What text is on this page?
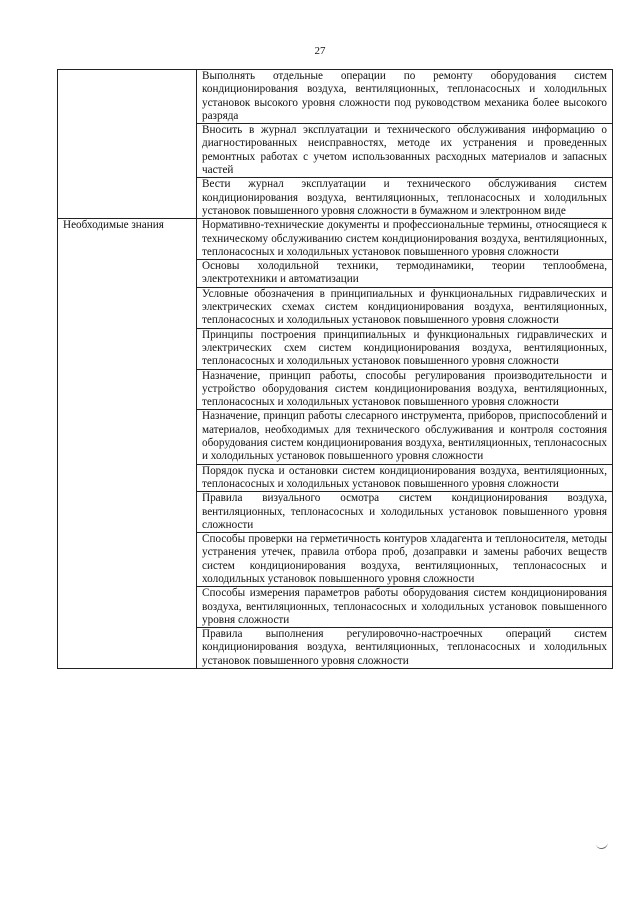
27
	Выполнять отдельные операции по ремонту оборудования систем кондиционирования воздуха, вентиляционных, теплонасосных и холодильных установок высокого уровня сложности под руководством механика более высокого разряда
	Вносить в журнал эксплуатации и технического обслуживания информацию о диагностированных неисправностях, методе их устранения и проведенных ремонтных работах с учетом использованных расходных материалов и запасных частей
	Вести журнал эксплуатации и технического обслуживания систем кондиционирования воздуха, вентиляционных, теплонасосных и холодильных установок повышенного уровня сложности в бумажном и электронном виде
Необходимые знания	Нормативно-технические документы и профессиональные термины, относящиеся к техническому обслуживанию систем кондиционирования воздуха, вентиляционных, теплонасосных и холодильных установок повышенного уровня сложности
	Основы холодильной техники, термодинамики, теории теплообмена, электротехники и автоматизации
	Условные обозначения в принципиальных и функциональных гидравлических и электрических схемах систем кондиционирования воздуха, вентиляционных, теплонасосных и холодильных установок повышенного уровня сложности
	Принципы построения принципиальных и функциональных гидравлических и электрических схем систем кондиционирования воздуха, вентиляционных, теплонасосных и холодильных установок повышенного уровня сложности
	Назначение, принцип работы, способы регулирования производительности и устройство оборудования систем кондиционирования воздуха, вентиляционных, теплонасосных и холодильных установок повышенного уровня сложности
	Назначение, принцип работы слесарного инструмента, приборов, приспособлений и материалов, необходимых для технического обслуживания и контроля состояния оборудования систем кондиционирования воздуха, вентиляционных, теплонасосных и холодильных установок повышенного уровня сложности
	Порядок пуска и остановки систем кондиционирования воздуха, вентиляционных, теплонасосных и холодильных установок повышенного уровня сложности
	Правила визуального осмотра систем кондиционирования воздуха, вентиляционных, теплонасосных и холодильных установок повышенного уровня сложности
	Способы проверки на герметичность контуров хладагента и теплоносителя, методы устранения утечек, правила отбора проб, дозаправки и замены рабочих веществ систем кондиционирования воздуха, вентиляционных, теплонасосных и холодильных установок повышенного уровня сложности
	Способы измерения параметров работы оборудования систем кондиционирования воздуха, вентиляционных, теплонасосных и холодильных установок повышенного уровня сложности
	Правила выполнения регулировочно-настроечных операций систем кондиционирования воздуха, вентиляционных, теплонасосных и холодильных установок повышенного уровня сложности
